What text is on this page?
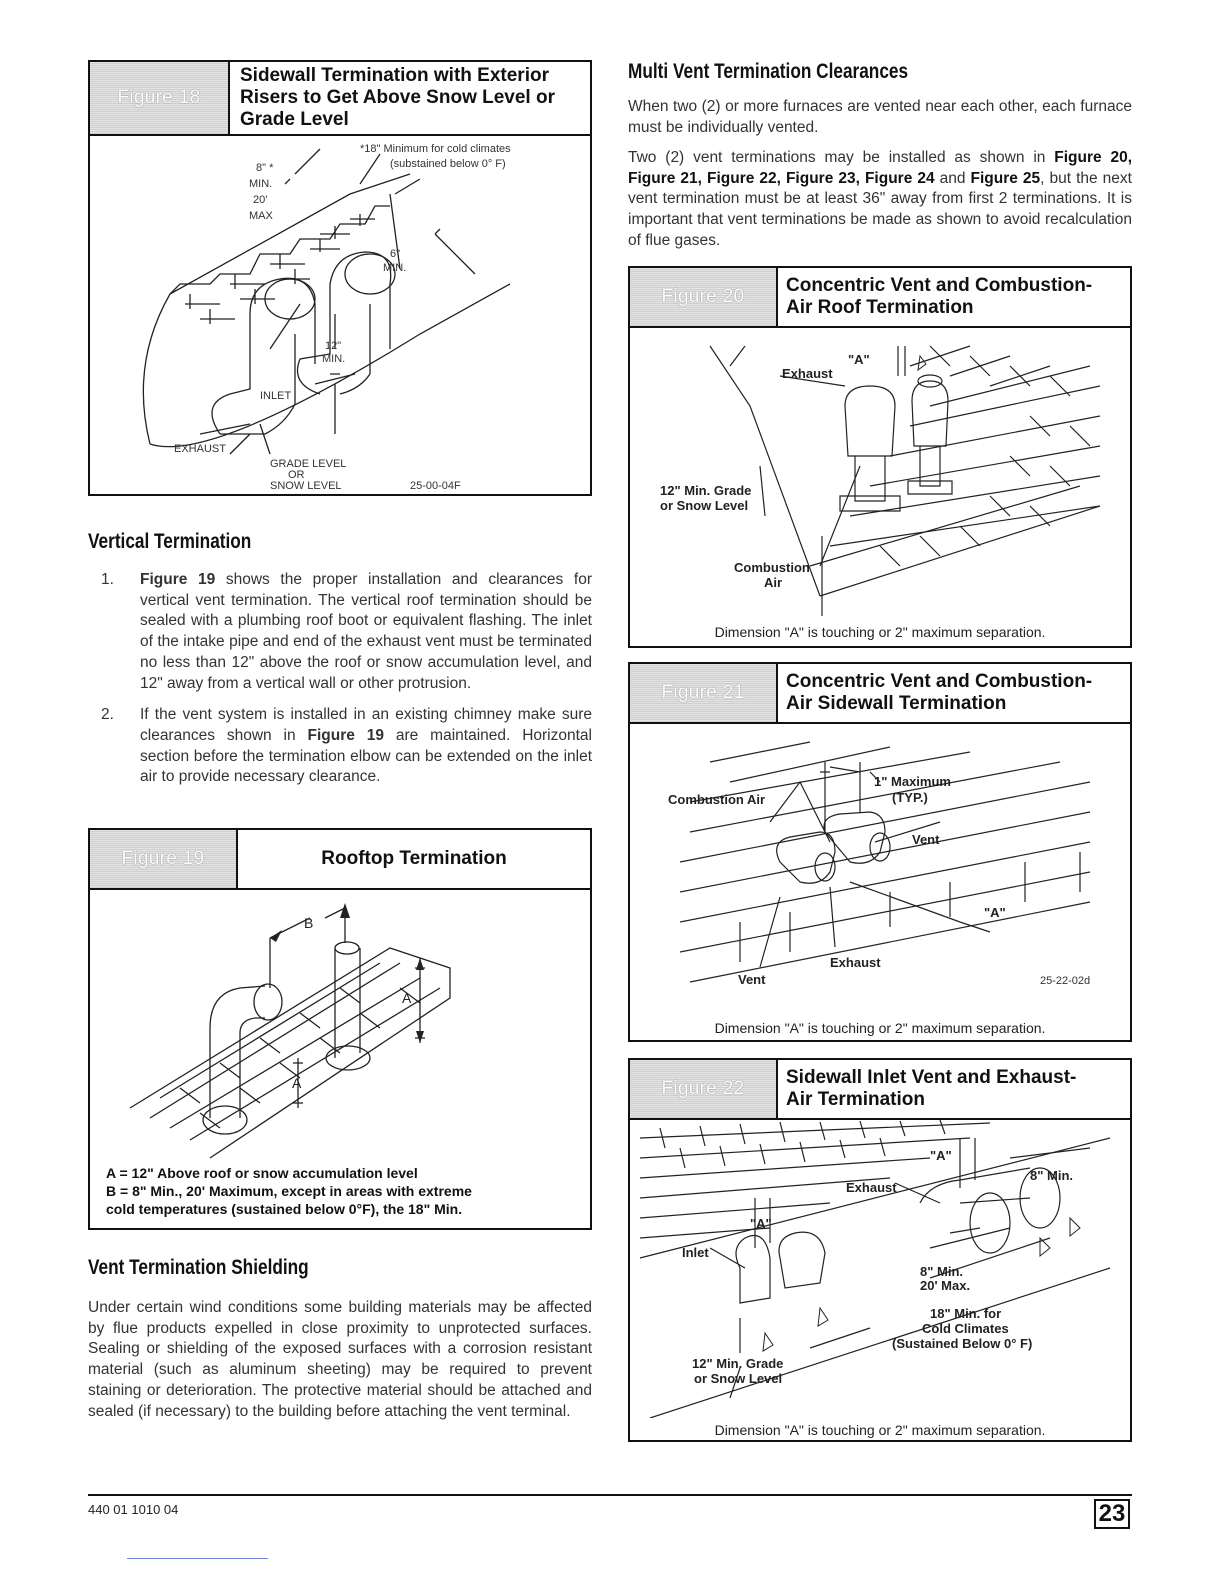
Figure 18
Sidewall Termination with Exterior
Risers to Get Above Snow Level or
Grade Level
*18" Minimum for cold climates
(substained below 0° F)
8" *
MIN.
20'
MAX
6"
MIN.
12"
MIN.
INLET
EXHAUST
GRADE LEVEL
OR
SNOW LEVEL	25-00-04F
Vertical Termination
1. Figure 19 shows the proper installation and clearances for vertical vent termination. The vertical roof termination should be sealed with a plumbing roof boot or equivalent flashing. The inlet of the intake pipe and end of the exhaust vent must be terminated no less than 12" above the roof or snow accumulation level, and 12" away from a vertical wall or other protrusion.
2. If the vent system is installed in an existing chimney make sure clearances shown in Figure 19 are maintained. Horizontal section before the termination elbow can be extended on the inlet air to provide necessary clearance.
Figure 19	Rooftop Termination
B
A
A
A = 12" Above roof or snow accumulation level
B = 8" Min., 20' Maximum, except in areas with extreme
cold temperatures (sustained below 0°F), the 18" Min.
Vent Termination Shielding
Under certain wind conditions some building materials may be affected by flue products expelled in close proximity to unprotected surfaces. Sealing or shielding of the exposed surfaces with a corrosion resistant material (such as aluminum sheeting) may be required to prevent staining or deterioration. The protective material should be attached and sealed (if necessary) to the building before attaching the vent terminal.
Multi Vent Termination Clearances
When two (2) or more furnaces are vented near each other, each furnace must be individually vented.
Two (2) vent terminations may be installed as shown in Figure 20, Figure 21, Figure 22, Figure 23, Figure 24 and Figure 25, but the next vent termination must be at least 36" away from first 2 terminations. It is important that vent terminations be made as shown to avoid recalculation of flue gases.
Figure 20
Concentric Vent and Combustion-
Air Roof Termination
"A"
Exhaust
12" Min. Grade
or Snow Level
Combustion
Air
Dimension "A" is touching or 2" maximum separation.
Figure 21
Concentric Vent and Combustion-
Air Sidewall Termination
1" Maximum
(TYP.)
Combustion Air
Vent
"A"
Exhaust
Vent	25-22-02d
Dimension "A" is touching or 2" maximum separation.
Figure 22
Sidewall Inlet Vent and Exhaust-
Air Termination
"A"
8" Min.
Exhaust
"A"
Inlet
8" Min.
20' Max.
18" Min. for
Cold Climates
(Sustained Below 0° F)
12" Min. Grade
or Snow Level
Dimension "A" is touching or 2" maximum separation.
440 01 1010 04	23
